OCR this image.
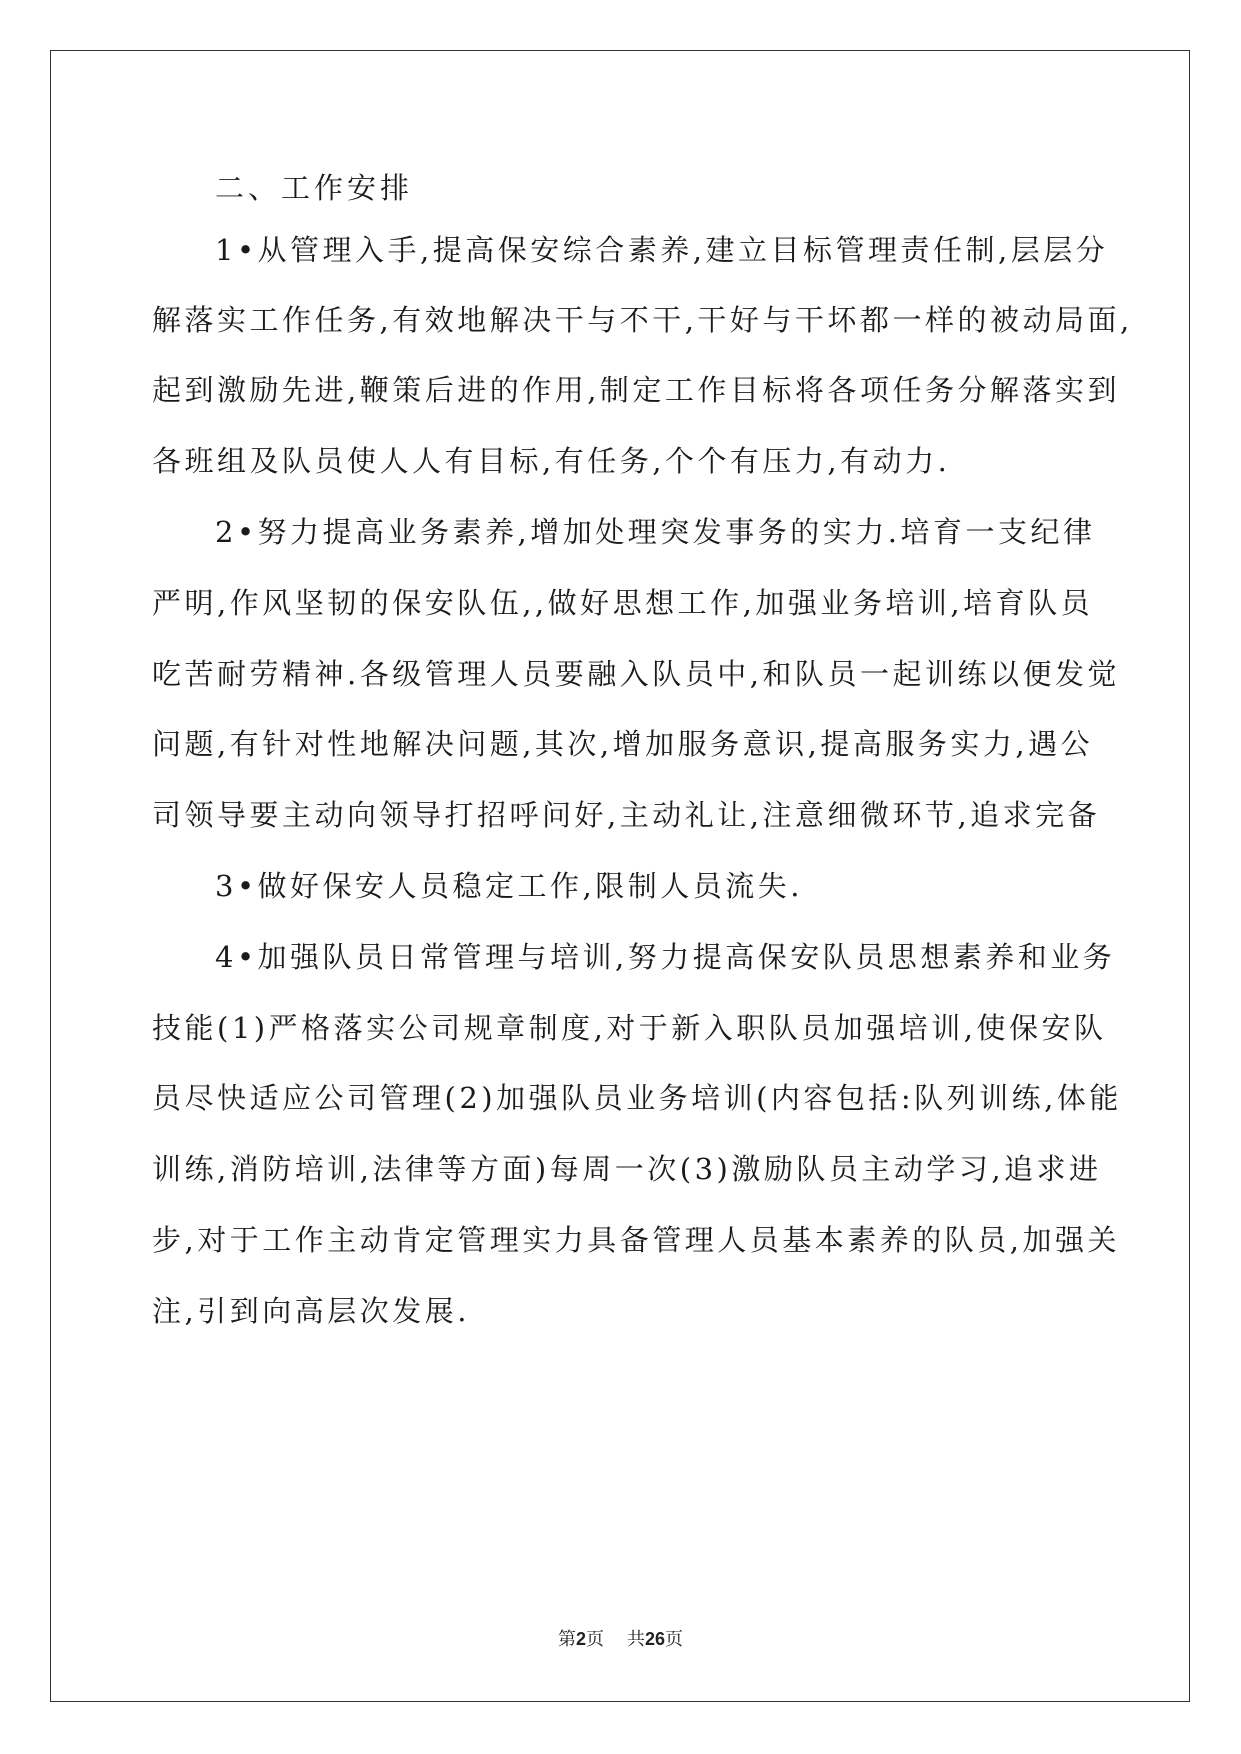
二、工作安排
1•从管理入手,提高保安综合素养,建立目标管理责任制,层层分
解落实工作任务,有效地解决干与不干,干好与干坏都一样的被动局面,
起到激励先进,鞭策后进的作用,制定工作目标将各项任务分解落实到
各班组及队员使人人有目标,有任务,个个有压力,有动力.
2•努力提高业务素养,增加处理突发事务的实力.培育一支纪律
严明,作风坚韧的保安队伍,,做好思想工作,加强业务培训,培育队员
吃苦耐劳精神.各级管理人员要融入队员中,和队员一起训练以便发觉
问题,有针对性地解决问题,其次,增加服务意识,提高服务实力,遇公
司领导要主动向领导打招呼问好,主动礼让,注意细微环节,追求完备
3•做好保安人员稳定工作,限制人员流失.
4•加强队员日常管理与培训,努力提高保安队员思想素养和业务
技能(1)严格落实公司规章制度,对于新入职队员加强培训,使保安队
员尽快适应公司管理(2)加强队员业务培训(内容包括:队列训练,体能
训练,消防培训,法律等方面)每周一次(3)激励队员主动学习,追求进
步,对于工作主动肯定管理实力具备管理人员基本素养的队员,加强关
注,引到向高层次发展.
第2页 共26页
